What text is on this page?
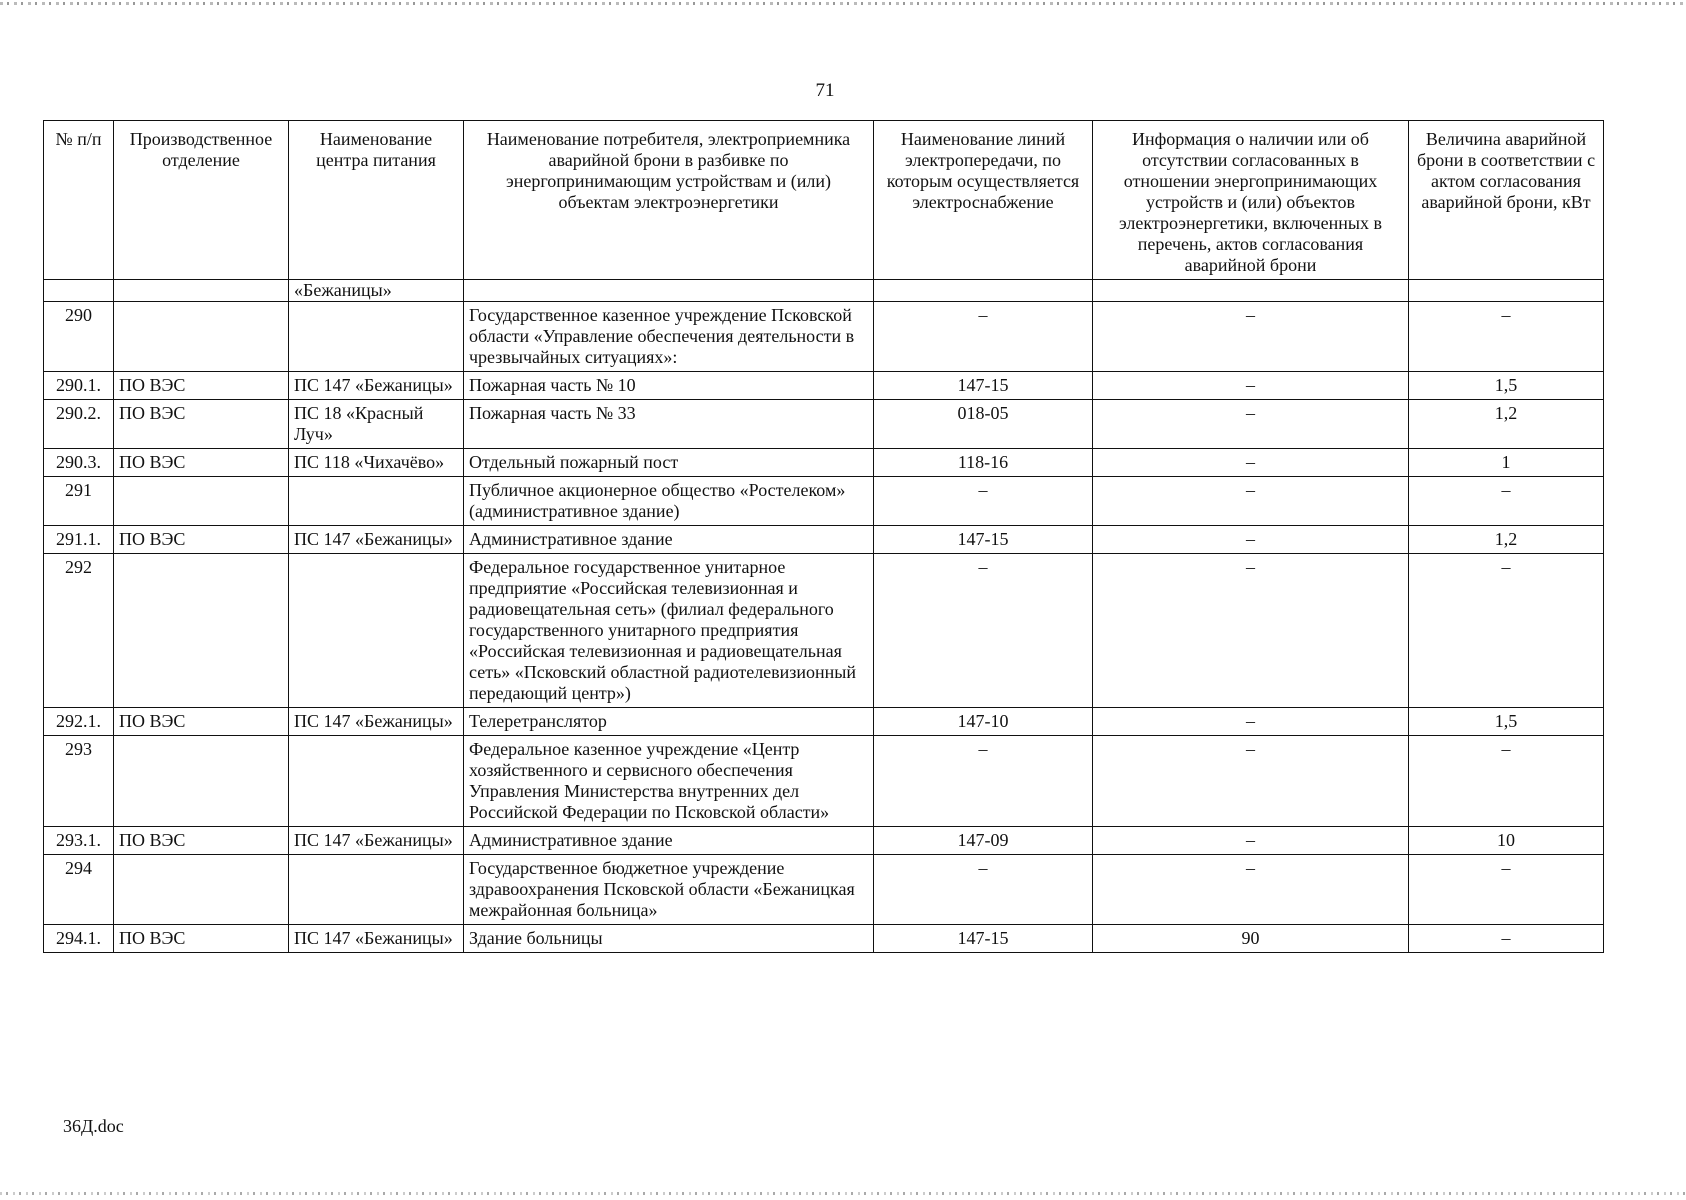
71
№ п/п	Производственное отделение	Наименование центра питания	Наименование потребителя, электроприемника аварийной брони в разбивке по энергопринимающим устройствам и (или) объектам электроэнергетики	Наименование линий электропередачи, по которым осуществляется электроснабжение	Информация о наличии или об отсутствии согласованных в отношении энергопринимающих устройств и (или) объектов электроэнергетики, включенных в перечень, актов согласования аварийной брони	Величина аварийной брони в соответствии с актом согласования аварийной брони, кВт
		«Бежаницы»				
290			Государственное казенное учреждение Псковской области «Управление обеспечения деятельности в чрезвычайных ситуациях»:	–	–	–
290.1.	ПО ВЭС	ПС 147 «Бежаницы»	Пожарная часть № 10	147-15	–	1,5
290.2.	ПО ВЭС	ПС 18 «Красный Луч»	Пожарная часть № 33	018-05	–	1,2
290.3.	ПО ВЭС	ПС 118 «Чихачёво»	Отдельный пожарный пост	118-16	–	1
291			Публичное акционерное общество «Ростелеком» (административное здание)	–	–	–
291.1.	ПО ВЭС	ПС 147 «Бежаницы»	Административное здание	147-15	–	1,2
292			Федеральное государственное унитарное предприятие «Российская телевизионная и радиовещательная сеть» (филиал федерального государственного унитарного предприятия «Российская телевизионная и радиовещательная сеть» «Псковский областной радиотелевизионный передающий центр»)	–	–	–
292.1.	ПО ВЭС	ПС 147 «Бежаницы»	Телеретранслятор	147-10	–	1,5
293			Федеральное казенное учреждение «Центр хозяйственного и сервисного обеспечения Управления Министерства внутренних дел Российской Федерации по Псковской области»	–	–	–
293.1.	ПО ВЭС	ПС 147 «Бежаницы»	Административное здание	147-09	–	10
294			Государственное бюджетное учреждение здравоохранения Псковской области «Бежаницкая межрайонная больница»	–	–	–
294.1.	ПО ВЭС	ПС 147 «Бежаницы»	Здание больницы	147-15	90	–
36Д.doc
